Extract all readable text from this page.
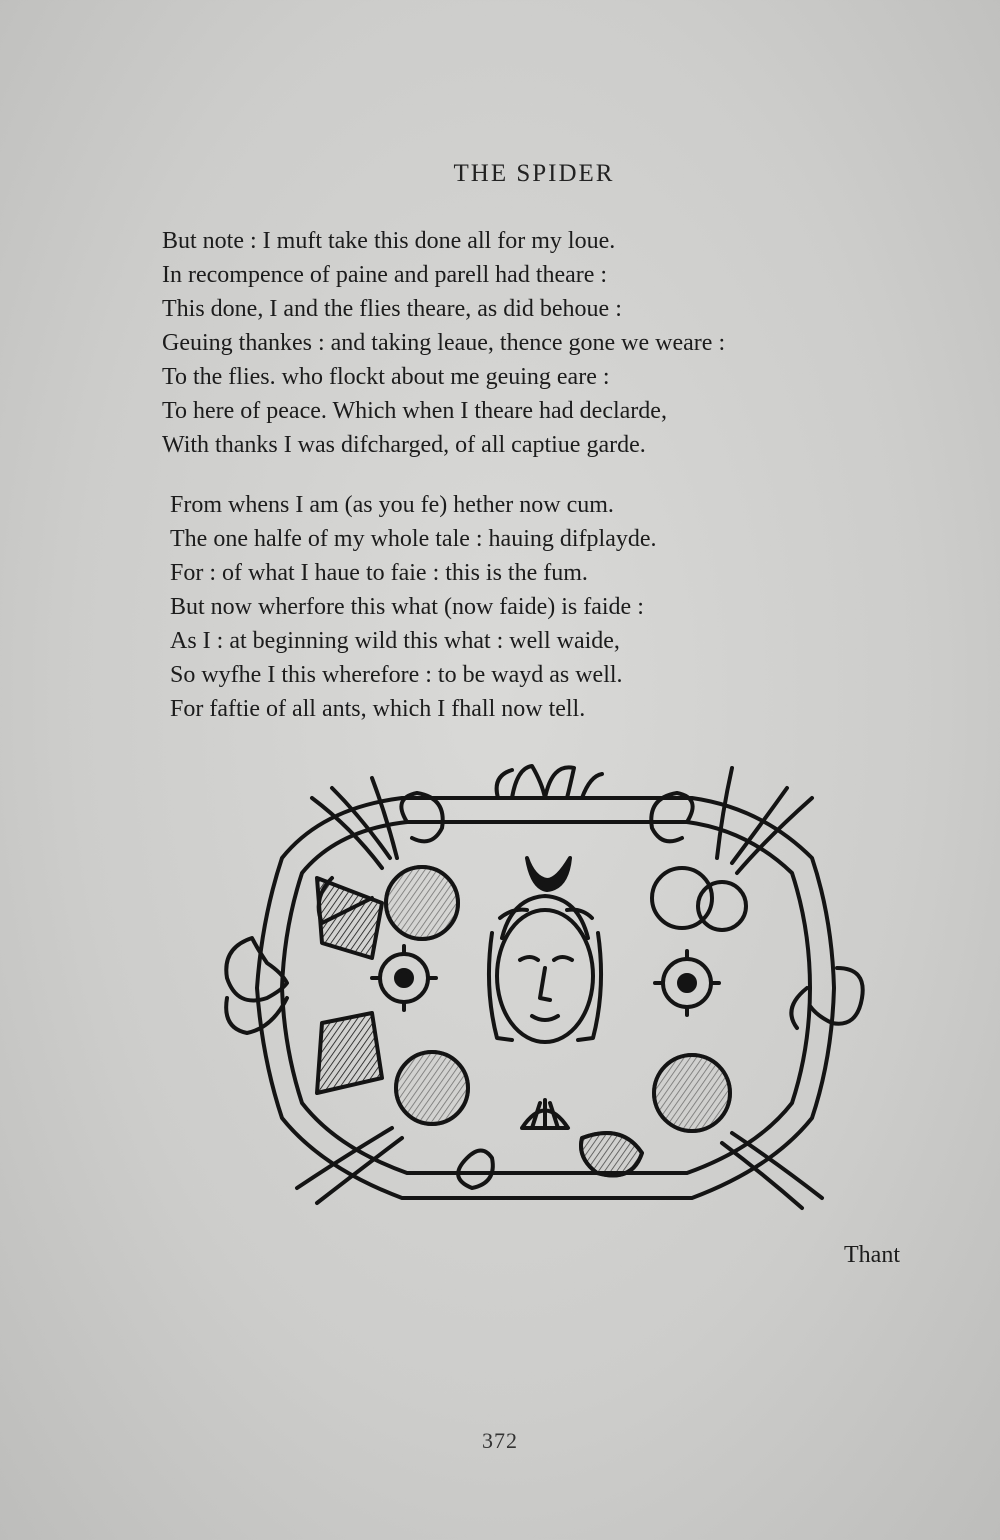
THE SPIDER
But note : I muft take this done all for my loue.
In recompence of paine and parell had theare :
This done, I and the flies theare, as did behoue :
Geuing thankes : and taking leaue, thence gone we weare :
To the flies. who flockt about me geuing eare :
To here of peace. Which when I theare had declarde,
With thanks I was difcharged, of all captiue garde.
From whens I am (as you fe) hether now cum.
The one halfe of my whole tale : hauing difplayde.
For : of what I haue to faie : this is the fum.
But now wherfore this what (now faide) is faide :
As I : at beginning wild this what : well waide,
So wyfhe I this wherefore : to be wayd as well.
For faftie of all ants, which I fhall now tell.
Thant
372
